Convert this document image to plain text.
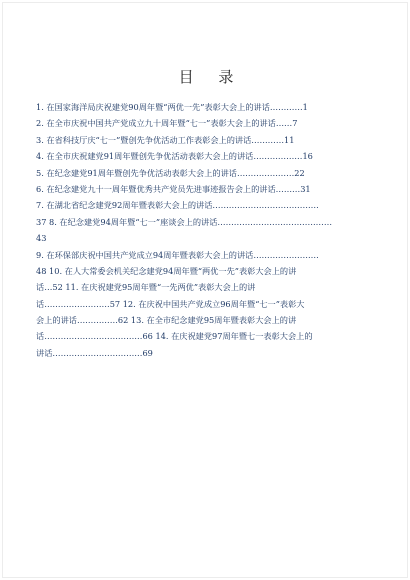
目 录
1. 在国家海洋局庆祝建党90周年暨“两优一先”表彰大会上的讲话…………1
2. 在全市庆祝中国共产党成立九十周年暨“七一”表彰大会上的讲话……7
3. 在省科技厅庆“七一”暨创先争优活动工作表彰会上的讲话…………11
4. 在全市庆祝建党91周年暨创先争优活动表彰大会上的讲话………………16
5. 在纪念建党91周年暨创先争优活动表彰大会上的讲话…………………22
6. 在纪念建党九十一周年暨优秀共产党员先进事迹报告会上的讲话………31
7. 在湖北省纪念建党92周年暨表彰大会上的讲话…………………………………
37 8. 在纪念建党94周年暨“七一”座谈会上的讲话……………………………………
43
9. 在环保部庆祝中国共产党成立94周年暨表彰大会上的讲话……………………
48 10. 在人大常委会机关纪念建党94周年暨“两优一先”表彰大会上的讲
话…52 11. 在庆祝建党95周年暨“一先两优”表彰大会上的讲
话……………………57 12. 在庆祝中国共产党成立96周年暨“七一”表彰大
会上的讲话……………62 13. 在全市纪念建党95周年暨表彰大会上的讲
话………………………………66 14. 在庆祝建党97周年暨七一表彰大会上的
讲话……………………………69
